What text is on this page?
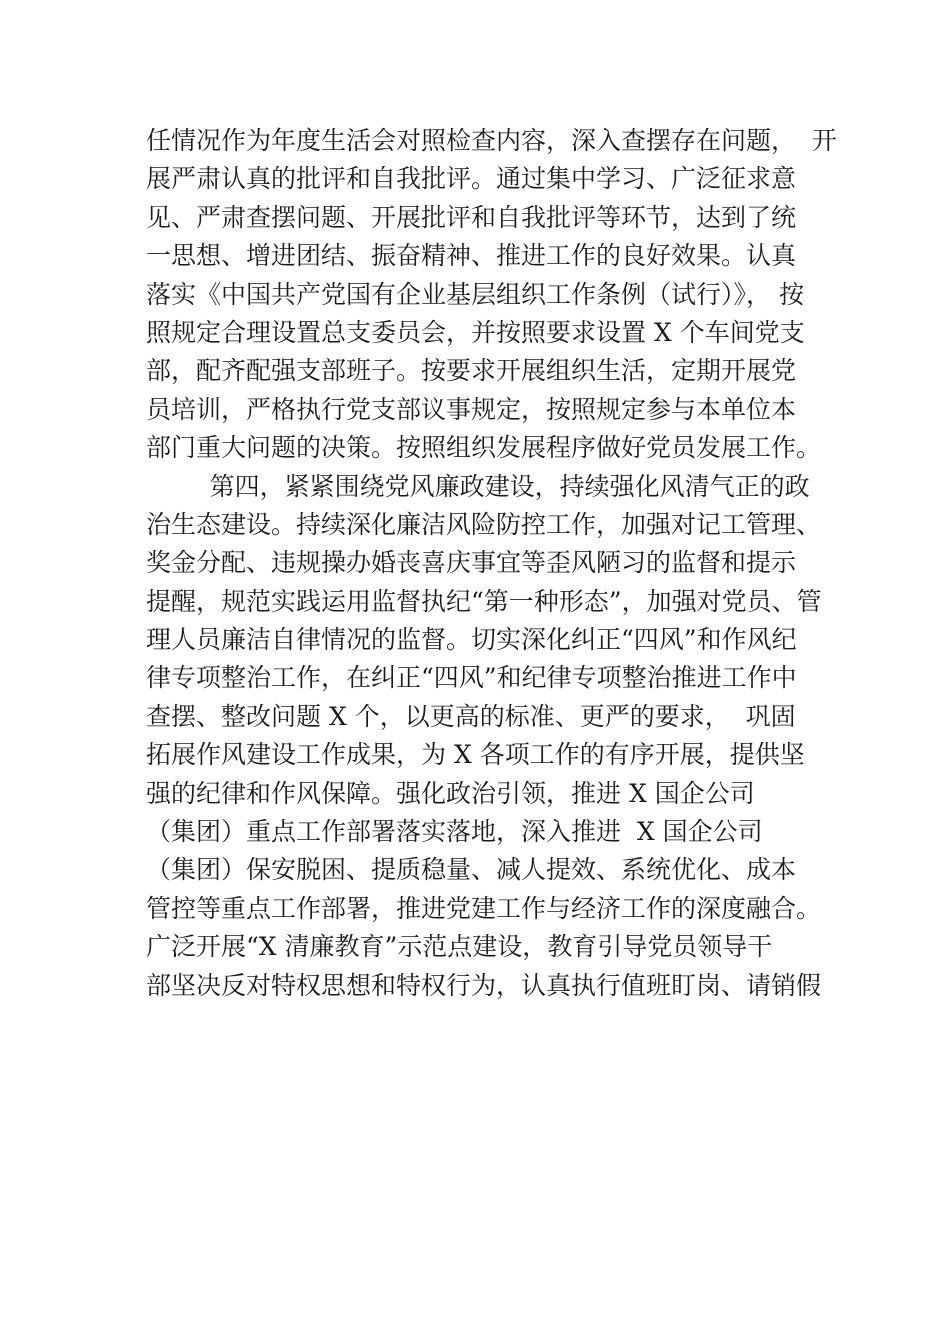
任情况作为年度生活会对照检查内容，深入查摆存在问题，  开
展严肃认真的批评和自我批评。通过集中学习、广泛征求意
见、严肃查摆问题、开展批评和自我批评等环节，达到了统
一思想、增进团结、振奋精神、推进工作的良好效果。认真
落实《中国共产党国有企业基层组织工作条例（试行）》， 按
照规定合理设置总支委员会，并按照要求设置 X 个车间党支
部，配齐配强支部班子。按要求开展组织生活，定期开展党
员培训，严格执行党支部议事规定，按照规定参与本单位本
部门重大问题的决策。按照组织发展程序做好党员发展工作。
第四，紧紧围绕党风廉政建设，持续强化风清气正的政
治生态建设。持续深化廉洁风险防控工作，加强对记工管理、
奖金分配、违规操办婚丧喜庆事宜等歪风陋习的监督和提示
提醒，规范实践运用监督执纪“第一种形态”，加强对党员、管
理人员廉洁自律情况的监督。切实深化纠正“四风”和作风纪
律专项整治工作，在纠正“四风”和纪律专项整治推进工作中
查摆、整改问题 X 个，以更高的标准、更严的要求，  巩固
拓展作风建设工作成果，为 X 各项工作的有序开展，提供坚
强的纪律和作风保障。强化政治引领，推进 X 国企公司
（集团）重点工作部署落实落地，深入推进  X 国企公司
（集团）保安脱困、提质稳量、减人提效、系统优化、成本
管控等重点工作部署，推进党建工作与经济工作的深度融合。
广泛开展“X 清廉教育”示范点建设，教育引导党员领导干
部坚决反对特权思想和特权行为，认真执行值班盯岗、请销假
